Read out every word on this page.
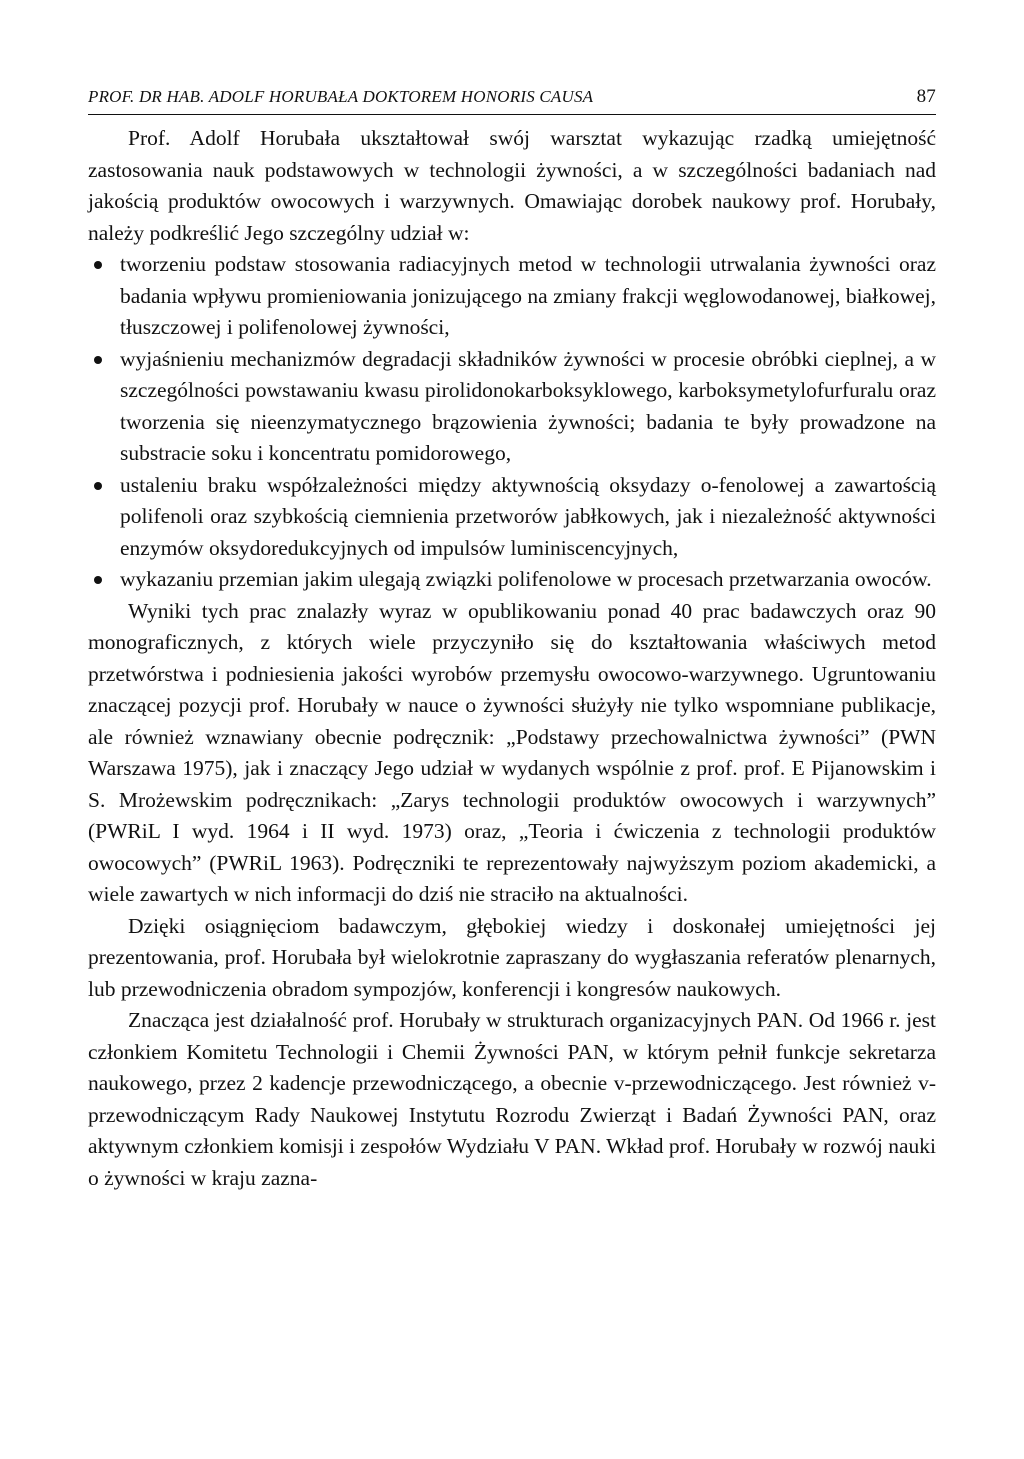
PROF. DR HAB. ADOLF HORUBAŁA DOKTOREM HONORIS CAUSA	87

Prof. Adolf Horubała ukształtował swój warsztat wykazując rzadką umiejętność zastosowania nauk podstawowych w technologii żywności, a w szczególności badaniach nad jakością produktów owocowych i warzywnych. Omawiając dorobek naukowy prof. Horubały, należy podkreślić Jego szczególny udział w:

tworzeniu podstaw stosowania radiacyjnych metod w technologii utrwalania żywności oraz badania wpływu promieniowania jonizującego na zmiany frakcji węglowodanowej, białkowej, tłuszczowej i polifenolowej żywności,
wyjaśnieniu mechanizmów degradacji składników żywności w procesie obróbki cieplnej, a w szczególności powstawaniu kwasu pirolidonokarboksyklowego, karboksymetylofurfuralu oraz tworzenia się nieenzymatycznego brązowienia żywności; badania te były prowadzone na substracie soku i koncentratu pomidorowego,
ustaleniu braku współzależności między aktywnością oksydazy o-fenolowej a zawartością polifenoli oraz szybkością ciemnienia przetworów jabłkowych, jak i niezależność aktywności enzymów oksydoredukcyjnych od impulsów luminiscencyjnych,
wykazaniu przemian jakim ulegają związki polifenolowe w procesach przetwarzania owoców.

Wyniki tych prac znalazły wyraz w opublikowaniu ponad 40 prac badawczych oraz 90 monograficznych, z których wiele przyczyniło się do kształtowania właściwych metod przetwórstwa i podniesienia jakości wyrobów przemysłu owocowo-warzywnego. Ugruntowaniu znaczącej pozycji prof. Horubały w nauce o żywności służyły nie tylko wspomniane publikacje, ale również wznawiany obecnie podręcznik: „Podstawy przechowalnictwa żywności” (PWN Warszawa 1975), jak i znaczący Jego udział w wydanych wspólnie z prof. prof. E Pijanowskim i S. Mrożewskim podręcznikach: „Zarys technologii produktów owocowych i warzywnych” (PWRiL I wyd. 1964 i II wyd. 1973) oraz, „Teoria i ćwiczenia z technologii produktów owocowych” (PWRiL 1963). Podręczniki te reprezentowały najwyższym poziom akademicki, a wiele zawartych w nich informacji do dziś nie straciło na aktualności.

Dzięki osiągnięciom badawczym, głębokiej wiedzy i doskonałej umiejętności jej prezentowania, prof. Horubała był wielokrotnie zapraszany do wygłaszania referatów plenarnych, lub przewodniczenia obradom sympozjów, konferencji i kongresów naukowych.

Znacząca jest działalność prof. Horubały w strukturach organizacyjnych PAN. Od 1966 r. jest członkiem Komitetu Technologii i Chemii Żywności PAN, w którym pełnił funkcje sekretarza naukowego, przez 2 kadencje przewodniczącego, a obecnie v-przewodniczącego. Jest również v-przewodniczącym Rady Naukowej Instytutu Rozrodu Zwierząt i Badań Żywności PAN, oraz aktywnym członkiem komisji i zespołów Wydziału V PAN. Wkład prof. Horubały w rozwój nauki o żywności w kraju zazna-
